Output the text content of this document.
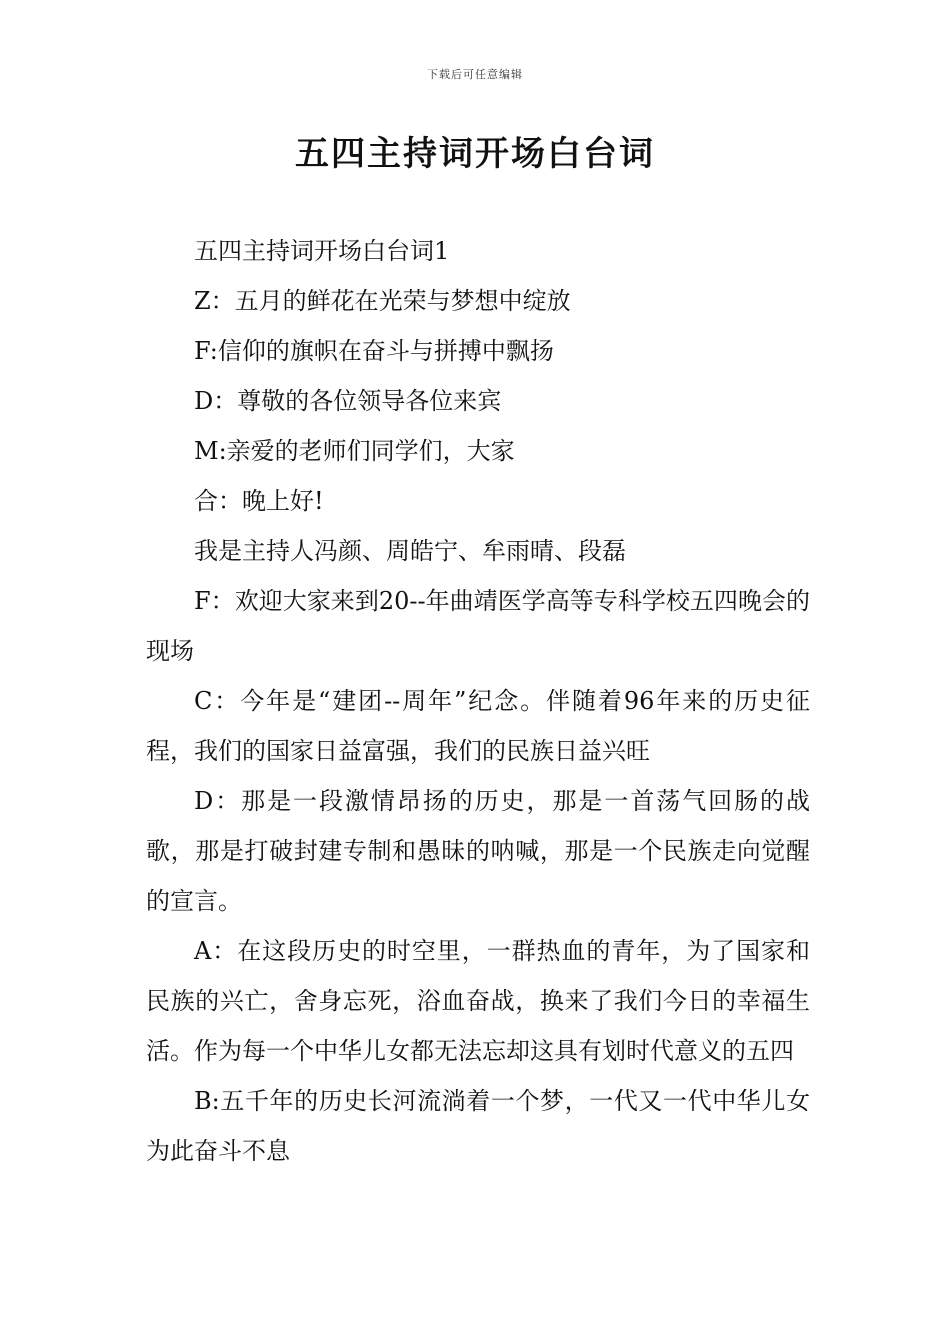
下载后可任意编辑
五四主持词开场白台词

五四主持词开场白台词1

Z：五月的鲜花在光荣与梦想中绽放

F:信仰的旗帜在奋斗与拼搏中飘扬

D：尊敬的各位领导各位来宾

M:亲爱的老师们同学们，大家

合：晚上好!

我是主持人冯颜、周皓宁、牟雨晴、段磊

F：欢迎大家来到20--年曲靖医学高等专科学校五四晚会的现场

C：今年是“建团--周年”纪念。伴随着96年来的历史征程，我们的国家日益富强，我们的民族日益兴旺

D：那是一段激情昂扬的历史，那是一首荡气回肠的战歌，那是打破封建专制和愚昧的呐喊，那是一个民族走向觉醒的宣言。

A：在这段历史的时空里，一群热血的青年，为了国家和民族的兴亡，舍身忘死，浴血奋战，换来了我们今日的幸福生活。作为每一个中华儿女都无法忘却这具有划时代意义的五四

B:五千年的历史长河流淌着一个梦，一代又一代中华儿女为此奋斗不息
